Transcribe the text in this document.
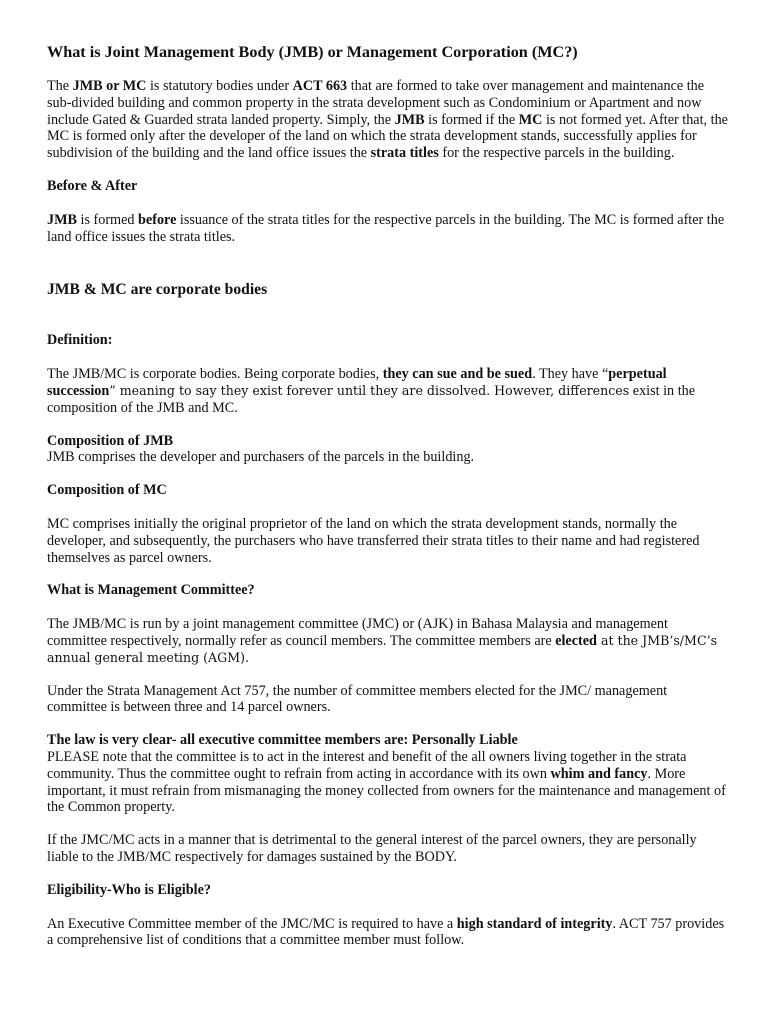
What is Joint Management Body (JMB) or Management Corporation (MC?)

The JMB or MC is statutory bodies under ACT 663 that are formed to take over management and maintenance the sub-divided building and common property in the strata development such as Condominium or Apartment and now include Gated & Guarded strata landed property. Simply, the JMB is formed if the MC is not formed yet. After that, the MC is formed only after the developer of the land on which the strata development stands, successfully applies for subdivision of the building and the land office issues the strata titles for the respective parcels in the building.

Before & After

JMB is formed before issuance of the strata titles for the respective parcels in the building. The MC is formed after the land office issues the strata titles.

JMB & MC are corporate bodies

Definition:

The JMB/MC is corporate bodies. Being corporate bodies, they can sue and be sued. They have “perpetual succession” meaning to say they exist forever until they are dissolved. However, differences exist in the composition of the JMB and MC.

Composition of JMB

JMB comprises the developer and purchasers of the parcels in the building.

Composition of MC

MC comprises initially the original proprietor of the land on which the strata development stands, normally the developer, and subsequently, the purchasers who have transferred their strata titles to their name and had registered themselves as parcel owners.

What is Management Committee?

The JMB/MC is run by a joint management committee (JMC) or (AJK) in Bahasa Malaysia and management committee respectively, normally refer as council members. The committee members are elected at the JMB’s/MC’s annual general meeting (AGM).

Under the Strata Management Act 757, the number of committee members elected for the JMC/ management committee is between three and 14 parcel owners.

The law is very clear- all executive committee members are: Personally Liable

PLEASE note that the committee is to act in the interest and benefit of the all owners living together in the strata community. Thus the committee ought to refrain from acting in accordance with its own whim and fancy. More important, it must refrain from mismanaging the money collected from owners for the maintenance and management of the Common property.

If the JMC/MC acts in a manner that is detrimental to the general interest of the parcel owners, they are personally liable to the JMB/MC respectively for damages sustained by the BODY.

Eligibility-Who is Eligible?

An Executive Committee member of the JMC/MC is required to have a high standard of integrity. ACT 757 provides a comprehensive list of conditions that a committee member must follow.
